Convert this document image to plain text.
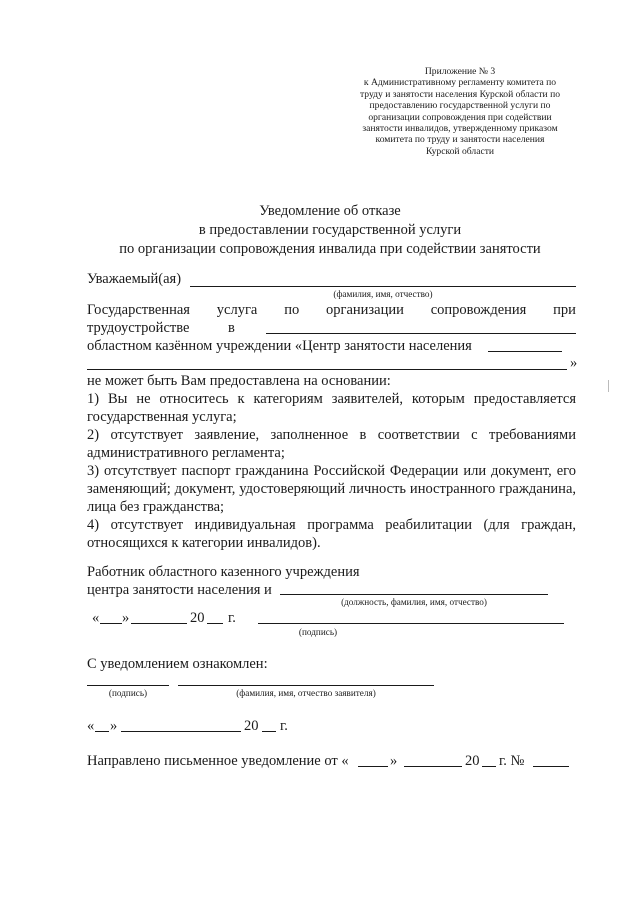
Приложение № 3
к Административному регламенту комитета по
труду и занятости населения Курской области по
предоставлению государственной услуги по
организации сопровождения при содействии
занятости инвалидов, утвержденному приказом
комитета по труду и занятости населения
Курской области
Уведомление об отказе
в предоставлении государственной услуги
по организации сопровождения инвалида при содействии занятости
Уважаемый(ая)
(фамилия, имя, отчество)
Государственная услуга по организации сопровождения при
трудоустройстве	в
областном казённом учреждении «Центр занятости населения
»
не может быть Вам предоставлена на основании:
1) Вы не относитесь к категориям заявителей, которым предоставляется государственная услуга;
2) отсутствует заявление, заполненное в соответствии с требованиями административного регламента;
3) отсутствует паспорт гражданина Российской Федерации или документ, его заменяющий; документ, удостоверяющий личность иностранного гражданина, лица без гражданства;
4) отсутствует индивидуальная программа реабилитации (для граждан, относящихся к категории инвалидов).
Работник областного казенного учреждения
центра занятости населения и
(должность, фамилия, имя, отчество)
« »	20 г.
(подпись)
С уведомлением ознакомлен:
(подпись)	(фамилия, имя, отчество заявителя)
« »	20 г.
Направлено письменное уведомление от «	»	20 г. №
